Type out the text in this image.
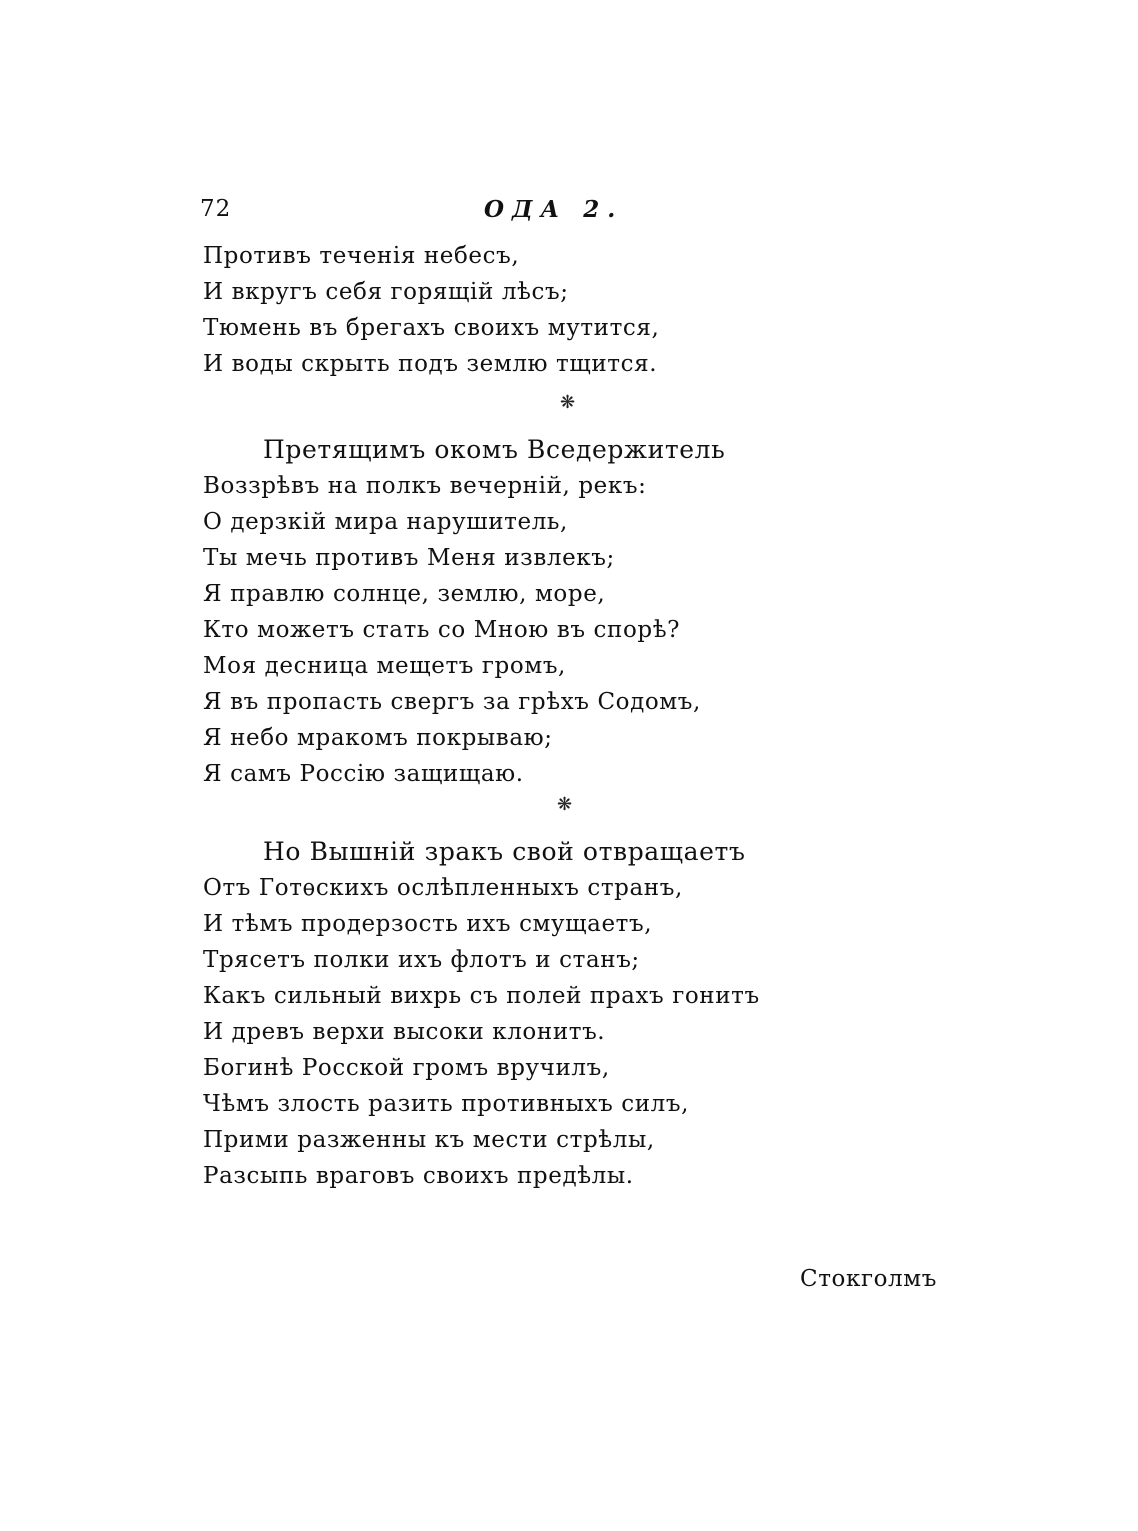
72	ОДА 2.
Противъ теченія небесъ,
И вкругъ себя горящій лѣсъ;
Тюмень въ брегахъ своихъ мутится,
И воды скрыть подъ землю тщится.
❋
Претящимъ окомъ Вседержитель
Воззрѣвъ на полкъ вечерній, рекъ:
О дерзкій мира нарушитель,
Ты мечь противъ Меня извлекъ;
Я правлю солнце, землю, море,
Кто можетъ стать со Мною въ спорѣ?
Моя десница мещетъ громъ,
Я въ пропасть свергъ за грѣхъ Содомъ,
Я небо мракомъ покрываю;
Я самъ Россію защищаю.
❋
Но Вышній зракъ свой отвращаетъ
Отъ Готѳскихъ ослѣпленныхъ странъ,
И тѣмъ продерзость ихъ смущаетъ,
Трясетъ полки ихъ флотъ и станъ;
Какъ сильный вихрь съ полей прахъ гонитъ
И древъ верхи высоки клонитъ.
Богинѣ Росской громъ вручилъ,
Чѣмъ злость разить противныхъ силъ,
Прими разженны къ мести стрѣлы,
Разсыпь враговъ своихъ предѣлы.
Стокголмъ
